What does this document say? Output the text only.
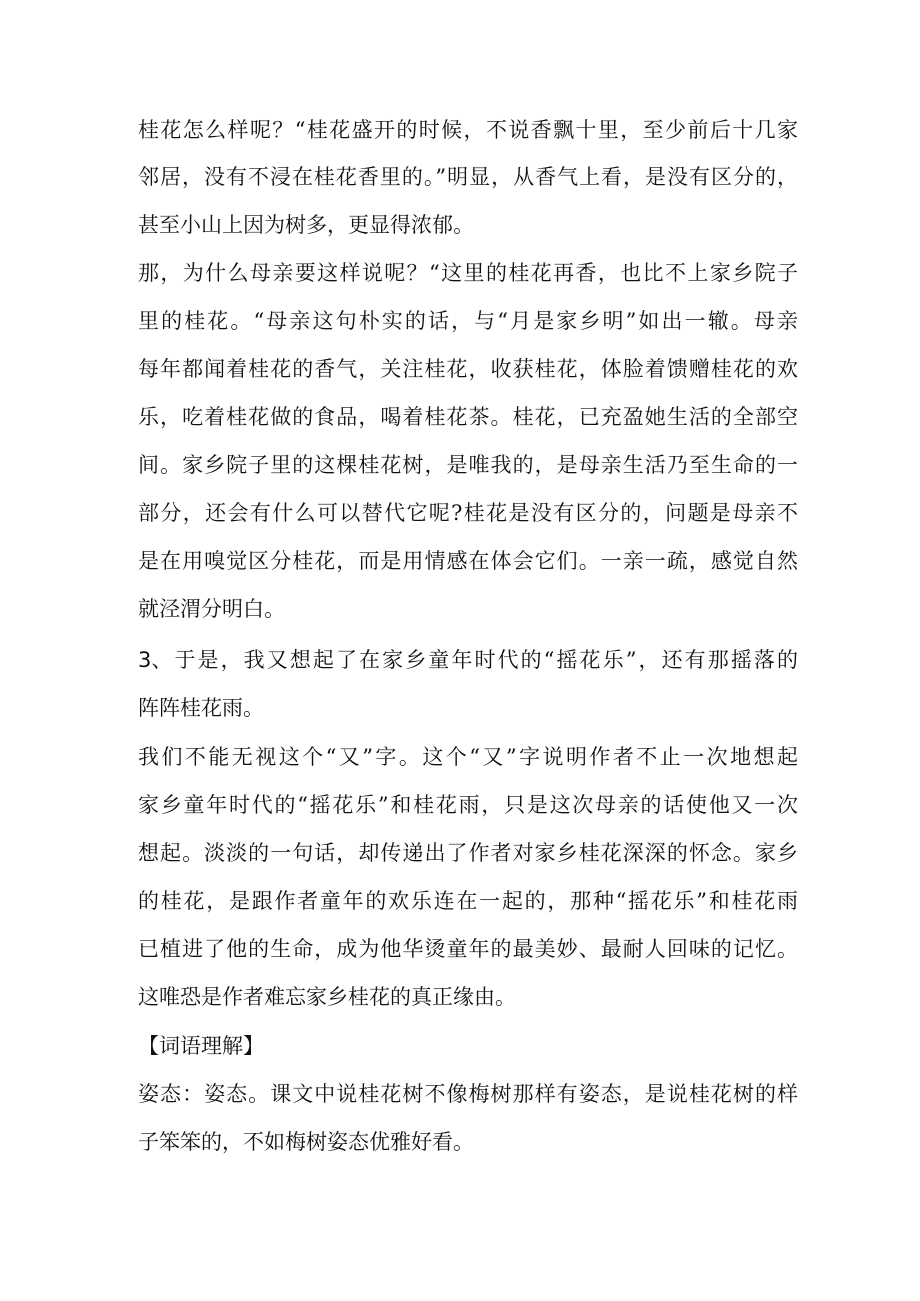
桂花怎么样呢？“桂花盛开的时候，不说香飘十里，至少前后十几家
邻居，没有不浸在桂花香里的。”明显，从香气上看，是没有区分的，
甚至小山上因为树多，更显得浓郁。
那，为什么母亲要这样说呢？“这里的桂花再香，也比不上家乡院子
里的桂花。“母亲这句朴实的话，与“月是家乡明”如出一辙。母亲
每年都闻着桂花的香气，关注桂花，收获桂花，体脸着馈赠桂花的欢
乐，吃着桂花做的食品，喝着桂花茶。桂花，已充盈她生活的全部空
间。家乡院子里的这棵桂花树，是唯我的，是母亲生活乃至生命的一
部分，还会有什么可以替代它呢?桂花是没有区分的，问题是母亲不
是在用嗅觉区分桂花，而是用情感在体会它们。一亲一疏，感觉自然
就泾渭分明白。
3 、于是，我又想起了在家乡童年时代的“摇花乐”，还有那摇落的
阵阵桂花雨。
我们不能无视这个“又”字。这个“又”字说明作者不止一次地想起
家乡童年时代的“摇花乐”和桂花雨，只是这次母亲的话使他又一次
想起。淡淡的一句话，却传递出了作者对家乡桂花深深的怀念。家乡
的桂花，是跟作者童年的欢乐连在一起的，那种“摇花乐”和桂花雨
已植进了他的生命，成为他华烫童年的最美妙、最耐人回味的记忆。
这唯恐是作者难忘家乡桂花的真正缘由。
【词语理解】
姿态：姿态。课文中说桂花树不像梅树那样有姿态，是说桂花树的样
子笨笨的，不如梅树姿态优雅好看。
